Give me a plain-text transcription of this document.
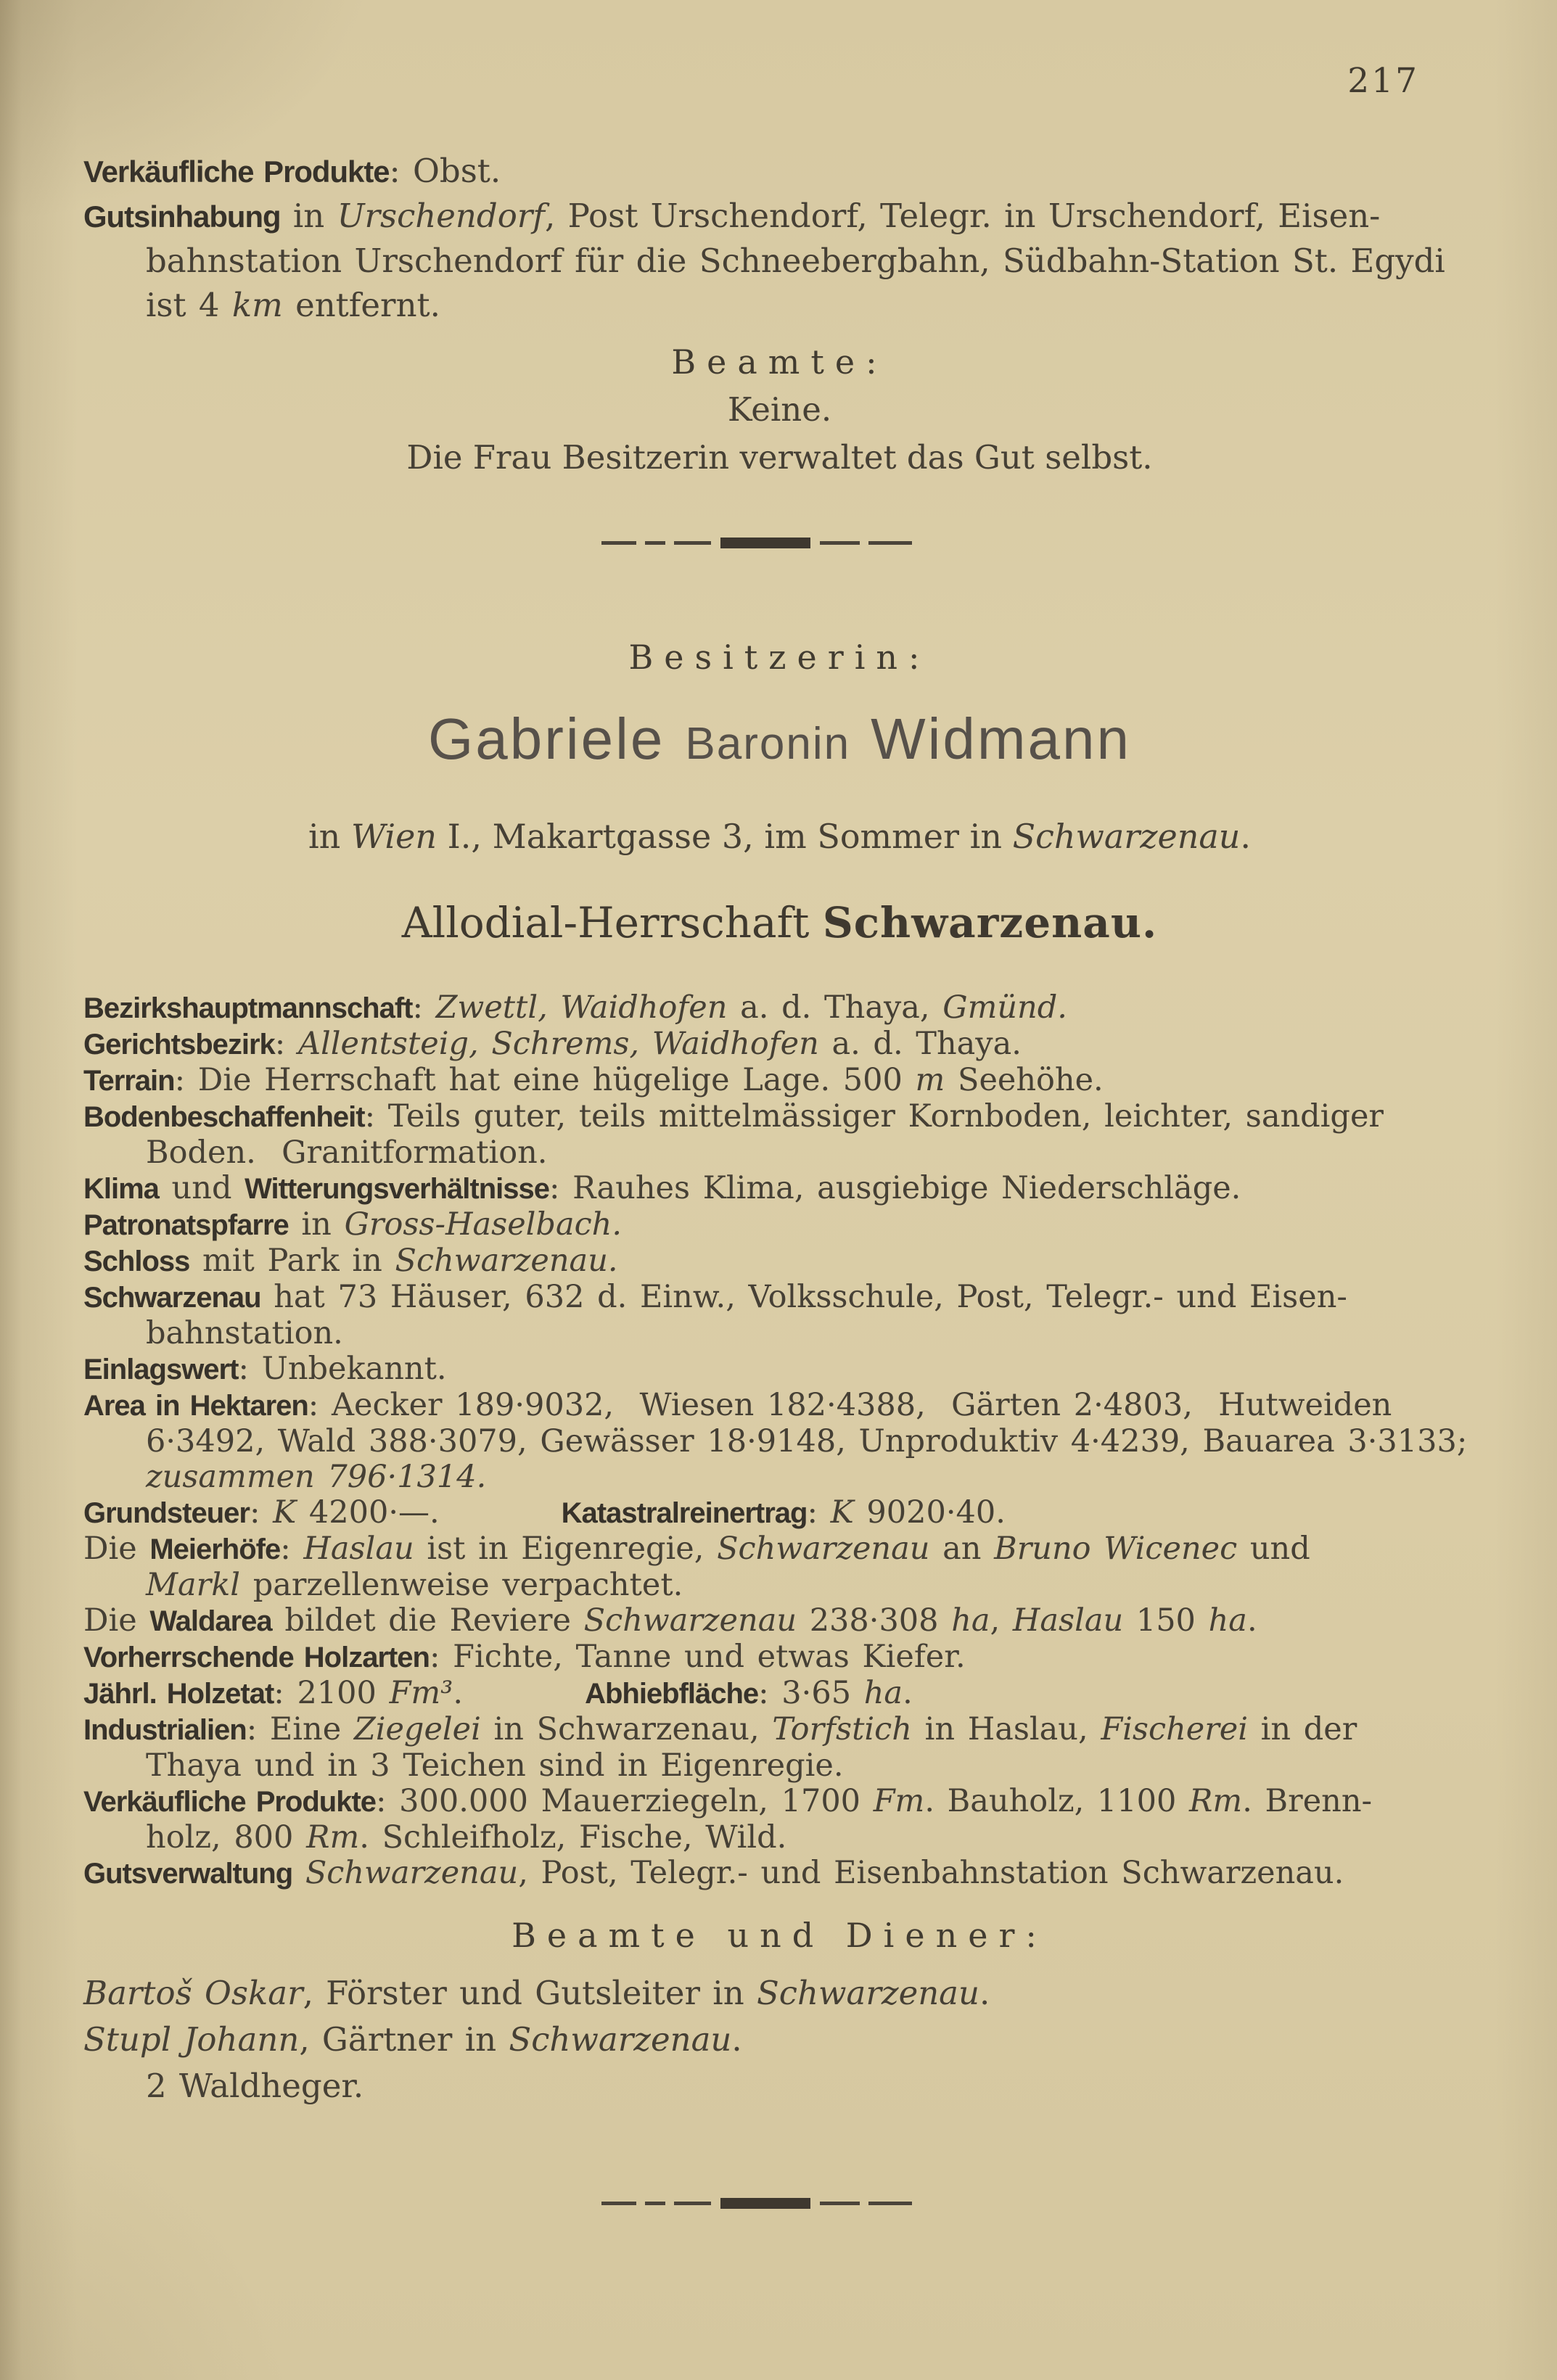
217

Verkäufliche Produkte: Obst.

Gutsinhabung in Urschendorf, Post Urschendorf, Telegr. in Urschendorf, Eisen-

bahnstation Urschendorf für die Schneebergbahn, Südbahn-Station St. Egydi

ist 4 km entfernt.

Beamte:

Keine.

Die Frau Besitzerin verwaltet das Gut selbst.

Besitzerin:

Gabriele Baronin Widmann

in Wien I., Makartgasse 3, im Sommer in Schwarzenau.

Allodial-Herrschaft Schwarzenau.

Bezirkshauptmannschaft: Zwettl, Waidhofen a. d. Thaya, Gmünd.

Gerichtsbezirk: Allentsteig, Schrems, Waidhofen a. d. Thaya.

Terrain: Die Herrschaft hat eine hügelige Lage. 500 m Seehöhe.

Bodenbeschaffenheit: Teils guter, teils mittelmässiger Kornboden, leichter, sandiger

Boden.  Granitformation.

Klima und Witterungsverhältnisse: Rauhes Klima, ausgiebige Niederschläge.

Patronatspfarre in Gross-Haselbach.

Schloss mit Park in Schwarzenau.

Schwarzenau hat 73 Häuser, 632 d. Einw., Volksschule, Post, Telegr.- und Eisen-

bahnstation.

Einlagswert: Unbekannt.

Area in Hektaren: Aecker 189·9032,  Wiesen 182·4388,  Gärten 2·4803,  Hutweiden

6·3492, Wald 388·3079, Gewässer 18·9148, Unproduktiv 4·4239, Bauarea 3·3133;

zusammen 796·1314.

Grundsteuer: K 4200·—.	Katastralreinertrag: K 9020·40.

Die Meierhöfe: Haslau ist in Eigenregie, Schwarzenau an Bruno Wicenec und

Markl parzellenweise verpachtet.

Die Waldarea bildet die Reviere Schwarzenau 238·308 ha, Haslau 150 ha.

Vorherrschende Holzarten: Fichte, Tanne und etwas Kiefer.

Jährl. Holzetat: 2100 Fm³.	Abhiebfläche: 3·65 ha.

Industrialien: Eine Ziegelei in Schwarzenau, Torfstich in Haslau, Fischerei in der

Thaya und in 3 Teichen sind in Eigenregie.

Verkäufliche Produkte: 300.000 Mauerziegeln, 1700 Fm. Bauholz, 1100 Rm. Brenn-

holz, 800 Rm. Schleifholz, Fische, Wild.

Gutsverwaltung Schwarzenau, Post, Telegr.- und Eisenbahnstation Schwarzenau.

Beamte und Diener:

Bartoš Oskar, Förster und Gutsleiter in Schwarzenau.

Stupl Johann, Gärtner in Schwarzenau.

2 Waldheger.
